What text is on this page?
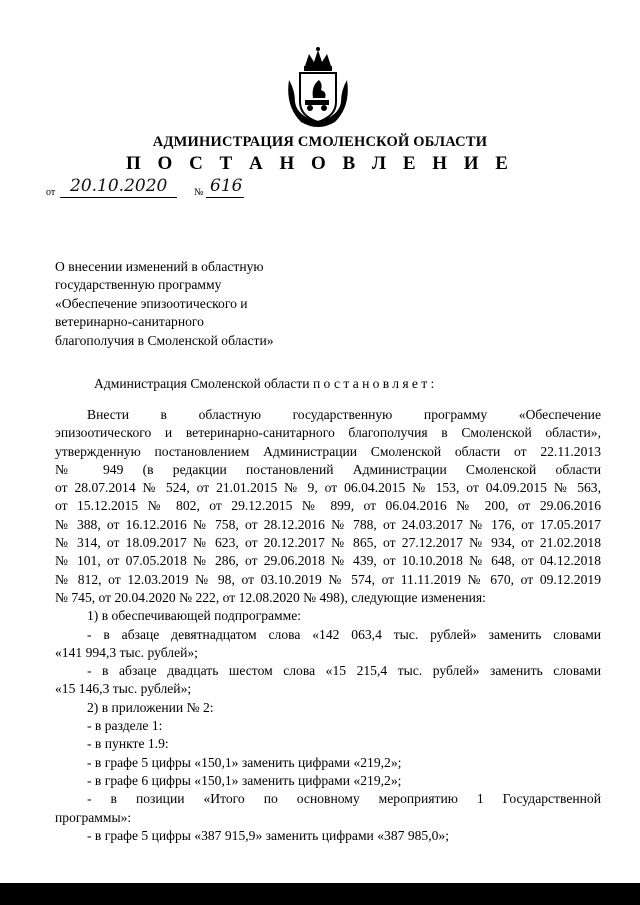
АДМИНИСТРАЦИЯ СМОЛЕНСКОЙ ОБЛАСТИ
П О С Т А Н О В Л Е Н И Е
от 20.10.2020	№ 616
О внесении изменений в областную
государственную программу
«Обеспечение эпизоотического и
ветеринарно-санитарного
благополучия в Смоленской области»
Администрация Смоленской области постановляет:
Внести в областную государственную программу «Обеспечение
эпизоотического и ветеринарно-санитарного благополучия в Смоленской области»,
утвержденную постановлением Администрации Смоленской области от 22.11.2013
№ 949 (в редакции постановлений Администрации Смоленской области
от 28.07.2014 № 524, от 21.01.2015 № 9, от 06.04.2015 № 153, от 04.09.2015 № 563,
от 15.12.2015 № 802, от 29.12.2015 № 899, от 06.04.2016 № 200, от 29.06.2016
№ 388, от 16.12.2016 № 758, от 28.12.2016 № 788, от 24.03.2017 № 176, от 17.05.2017
№ 314, от 18.09.2017 № 623, от 20.12.2017 № 865, от 27.12.2017 № 934, от 21.02.2018
№ 101, от 07.05.2018 № 286, от 29.06.2018 № 439, от 10.10.2018 № 648, от 04.12.2018
№ 812, от 12.03.2019 № 98, от 03.10.2019 № 574, от 11.11.2019 № 670, от 09.12.2019
№ 745, от 20.04.2020 № 222, от 12.08.2020 № 498), следующие изменения:
1) в обеспечивающей подпрограмме:
- в абзаце девятнадцатом слова «142 063,4 тыс. рублей» заменить словами
«141 994,3 тыс. рублей»;
- в абзаце двадцать шестом слова «15 215,4 тыс. рублей» заменить словами
«15 146,3 тыс. рублей»;
2) в приложении № 2:
- в разделе 1:
- в пункте 1.9:
- в графе 5 цифры «150,1» заменить цифрами «219,2»;
- в графе 6 цифры «150,1» заменить цифрами «219,2»;
- в позиции «Итого по основному мероприятию 1 Государственной
программы»:
- в графе 5 цифры «387 915,9» заменить цифрами «387 985,0»;
